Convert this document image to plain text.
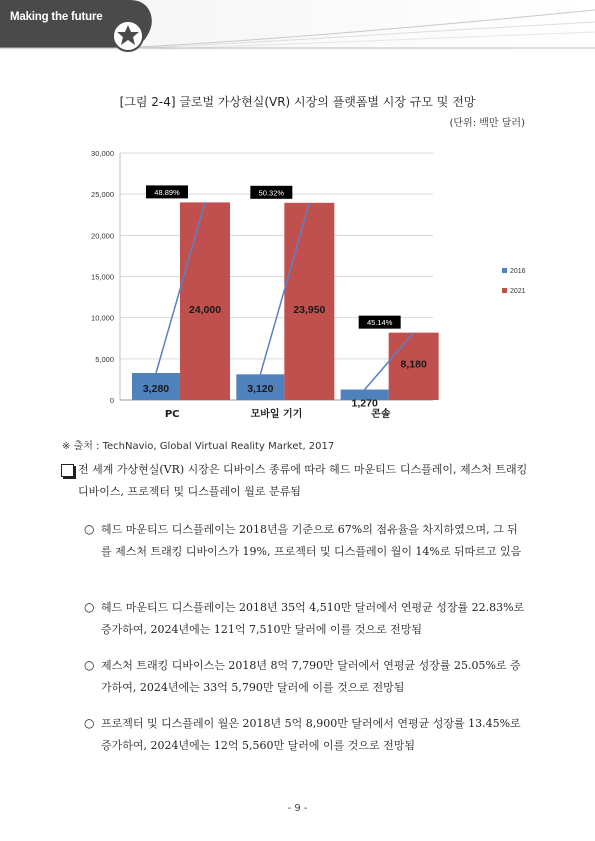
Making the future
[그림 2-4] 글로벌 가상현실(VR) 시장의 플랫폼별 시장 규모 및 전망
(단위: 백만 달러)
0
5,000
10,000
15,000
20,000
25,000
30,000
3,280
24,000
PC
3,120
23,950
모바일 기기
1,270
8,180
콘솔
48.89%	50.32%
45.14%
2016
2021
※ 출처 : TechNavio, Global Virtual Reality Market, 2017
전 세계 가상현실(VR) 시장은 디바이스 종류에 따라 헤드 마운티드 디스플레이, 제스처 트래킹 디바이스, 프로젝터 및 디스플레이 월로 분류됨
○ 헤드 마운티드 디스플레이는 2018년을 기준으로 67%의 점유율을 차지하였으며, 그 뒤를 제스처 트래킹 디바이스가 19%, 프로젝터 및 디스플레이 월이 14%로 뒤따르고 있음
○ 헤드 마운티드 디스플레이는 2018년 35억 4,510만 달러에서 연평균 성장률 22.83%로 증가하여, 2024년에는 121억 7,510만 달러에 이를 것으로 전망됨
○ 제스처 트래킹 디바이스는 2018년 8억 7,790만 달러에서 연평균 성장률 25.05%로 증가하여, 2024년에는 33억 5,790만 달러에 이를 것으로 전망됨
○ 프로젝터 및 디스플레이 월은 2018년 5억 8,900만 달러에서 연평균 성장률 13.45%로 증가하여, 2024년에는 12억 5,560만 달러에 이를 것으로 전망됨
- 9 -
